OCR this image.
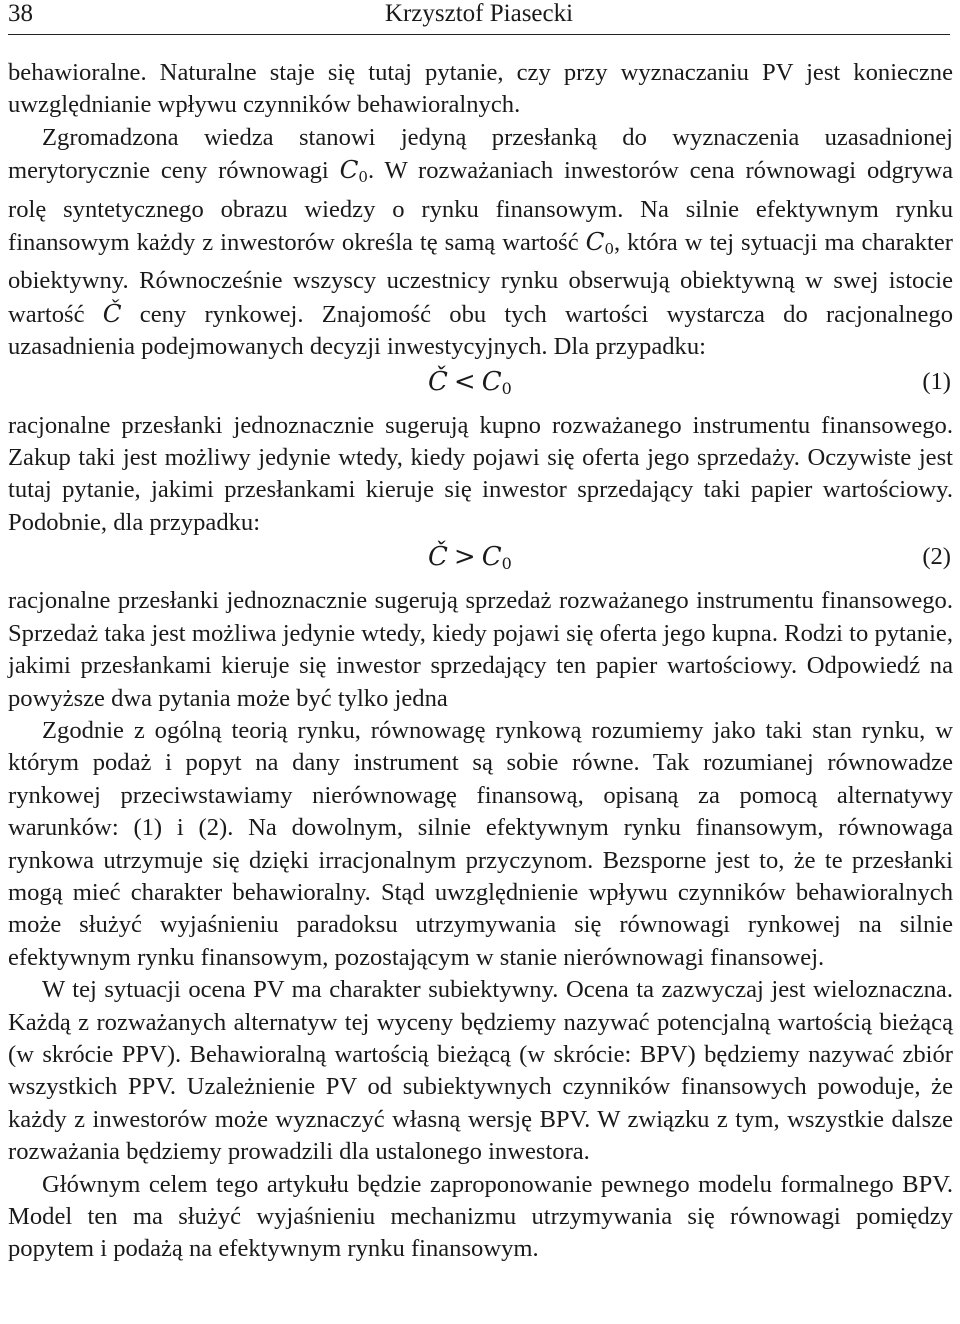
38	Krzysztof Piasecki

behawioralne. Naturalne staje się tutaj pytanie, czy przy wyznaczaniu PV jest konieczne uwzględnianie wpływu czynników behawioralnych.

Zgromadzona wiedza stanowi jedyną przesłanką do wyznaczenia uzasadnionej merytorycznie ceny równowagi $C_0$. W rozważaniach inwestorów cena równowagi odgrywa rolę syntetycznego obrazu wiedzy o rynku finansowym. Na silnie efektywnym rynku finansowym każdy z inwestorów określa tę samą wartość $C_0$, która w tej sytuacji ma charakter obiektywny. Równocześnie wszyscy uczestnicy rynku obserwują obiektywną w swej istocie wartość Č ceny rynkowej. Znajomość obu tych wartości wystarcza do racjonalnego uzasadnienia podejmowanych decyzji inwestycyjnych. Dla przypadku:

Č < $C_0$	(1)

racjonalne przesłanki jednoznacznie sugerują kupno rozważanego instrumentu finansowego. Zakup taki jest możliwy jedynie wtedy, kiedy pojawi się oferta jego sprzedaży. Oczywiste jest tutaj pytanie, jakimi przesłankami kieruje się inwestor sprzedający taki papier wartościowy. Podobnie, dla przypadku:

Č > $C_0$	(2)

racjonalne przesłanki jednoznacznie sugerują sprzedaż rozważanego instrumentu finansowego. Sprzedaż taka jest możliwa jedynie wtedy, kiedy pojawi się oferta jego kupna. Rodzi to pytanie, jakimi przesłankami kieruje się inwestor sprzedający ten papier wartościowy. Odpowiedź na powyższe dwa pytania może być tylko jedna

Zgodnie z ogólną teorią rynku, równowagę rynkową rozumiemy jako taki stan rynku, w którym podaż i popyt na dany instrument są sobie równe. Tak rozumianej równowadze rynkowej przeciwstawiamy nierównowagę finansową, opisaną za pomocą alternatywy warunków: (1) i (2). Na dowolnym, silnie efektywnym rynku finansowym, równowaga rynkowa utrzymuje się dzięki irracjonalnym przyczynom. Bezsporne jest to, że te przesłanki mogą mieć charakter behawioralny. Stąd uwzględnienie wpływu czynników behawioralnych może służyć wyjaśnieniu paradoksu utrzymywania się równowagi rynkowej na silnie efektywnym rynku finansowym, pozostającym w stanie nierównowagi finansowej.

W tej sytuacji ocena PV ma charakter subiektywny. Ocena ta zazwyczaj jest wieloznaczna. Każdą z rozważanych alternatyw tej wyceny będziemy nazywać potencjalną wartością bieżącą (w skrócie PPV). Behawioralną wartością bieżącą (w skrócie: BPV) będziemy nazywać zbiór wszystkich PPV. Uzależnienie PV od subiektywnych czynników finansowych powoduje, że każdy z inwestorów może wyznaczyć własną wersję BPV. W związku z tym, wszystkie dalsze rozważania będziemy prowadzili dla ustalonego inwestora.

Głównym celem tego artykułu będzie zaproponowanie pewnego modelu formalnego BPV. Model ten ma służyć wyjaśnieniu mechanizmu utrzymywania się równowagi pomiędzy popytem i podażą na efektywnym rynku finansowym.
